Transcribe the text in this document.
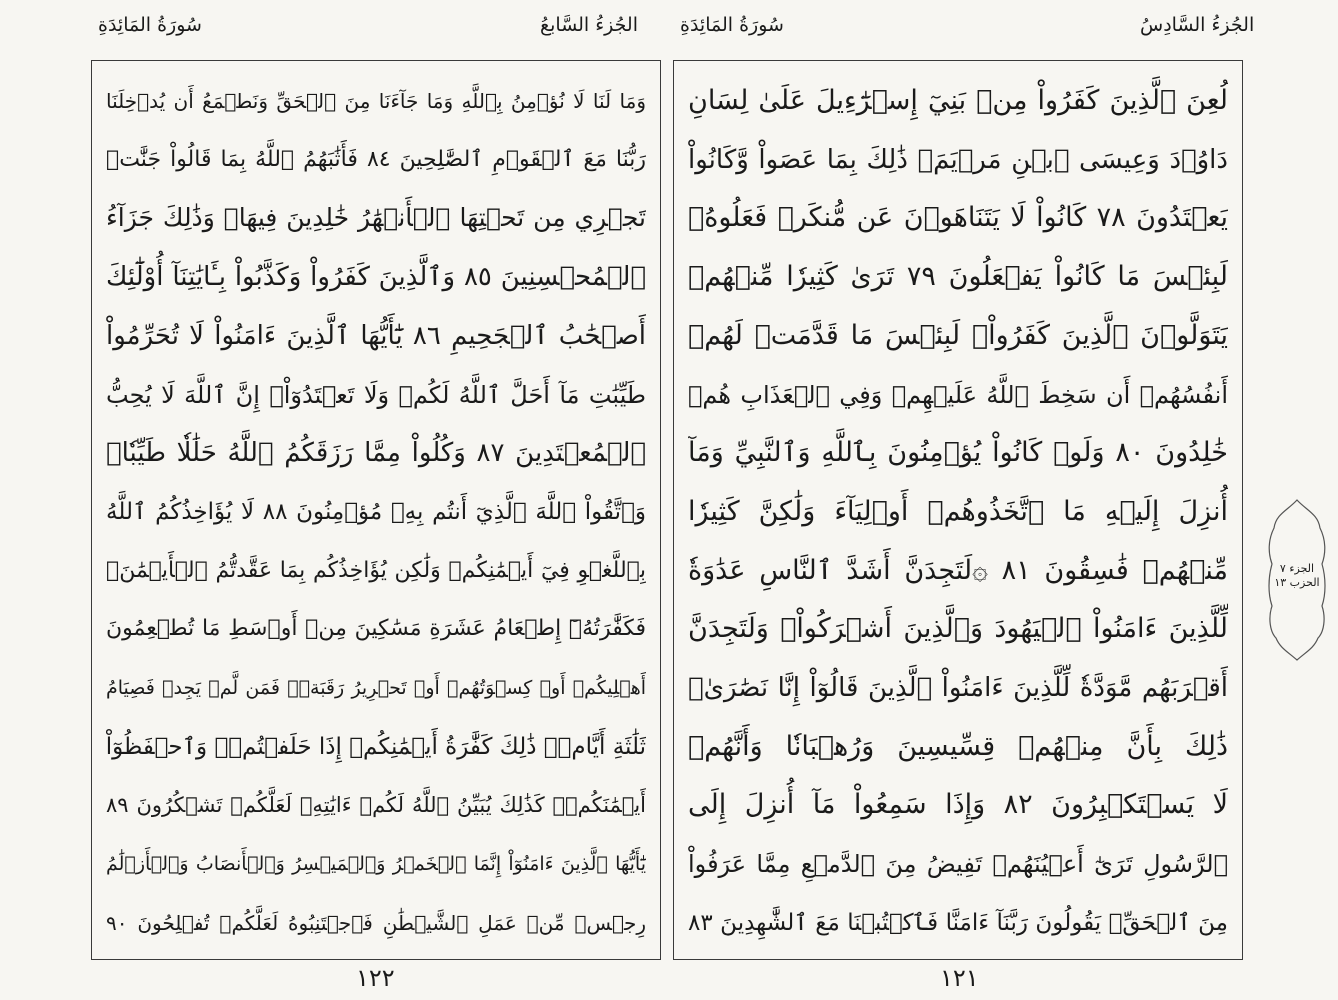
الجُزءُ السَّابعُ
سُورَةُ المَائِدَةِ
وَمَا لَنَا لَا نُؤۡمِنُ بِٱللَّهِ وَمَا جَآءَنَا مِنَ ٱلۡحَقِّ وَنَطۡمَعُ أَن يُدۡخِلَنَا
رَبُّنَا مَعَ ٱلۡقَوۡمِ ٱلصَّٰلِحِينَ ٨٤ فَأَثَٰبَهُمُ ٱللَّهُ بِمَا قَالُواْ جَنَّٰتٖ
تَجۡرِي مِن تَحۡتِهَا ٱلۡأَنۡهَٰرُ خَٰلِدِينَ فِيهَاۚ وَذَٰلِكَ جَزَآءُ
ٱلۡمُحۡسِنِينَ ٨٥ وَٱلَّذِينَ كَفَرُواْ وَكَذَّبُواْ بِـَٔايَٰتِنَآ أُوْلَٰٓئِكَ
أَصۡحَٰبُ ٱلۡجَحِيمِ ٨٦ يَٰٓأَيُّهَا ٱلَّذِينَ ءَامَنُواْ لَا تُحَرِّمُواْ
طَيِّبَٰتِ مَآ أَحَلَّ ٱللَّهُ لَكُمۡ وَلَا تَعۡتَدُوٓاْۚ إِنَّ ٱللَّهَ لَا يُحِبُّ
ٱلۡمُعۡتَدِينَ ٨٧ وَكُلُواْ مِمَّا رَزَقَكُمُ ٱللَّهُ حَلَٰلٗا طَيِّبٗاۚ
وَٱتَّقُواْ ٱللَّهَ ٱلَّذِيٓ أَنتُم بِهِۦ مُؤۡمِنُونَ ٨٨ لَا يُؤَاخِذُكُمُ ٱللَّهُ
بِٱللَّغۡوِ فِيٓ أَيۡمَٰنِكُمۡ وَلَٰكِن يُؤَاخِذُكُم بِمَا عَقَّدتُّمُ ٱلۡأَيۡمَٰنَۖ
فَكَفَّٰرَتُهُۥٓ إِطۡعَامُ عَشَرَةِ مَسَٰكِينَ مِنۡ أَوۡسَطِ مَا تُطۡعِمُونَ
أَهۡلِيكُمۡ أَوۡ كِسۡوَتُهُمۡ أَوۡ تَحۡرِيرُ رَقَبَةٖۖ فَمَن لَّمۡ يَجِدۡ فَصِيَامُ
ثَلَٰثَةِ أَيَّامٖۚ ذَٰلِكَ كَفَّٰرَةُ أَيۡمَٰنِكُمۡ إِذَا حَلَفۡتُمۡۚ وَٱحۡفَظُوٓاْ
أَيۡمَٰنَكُمۡۚ كَذَٰلِكَ يُبَيِّنُ ٱللَّهُ لَكُمۡ ءَايَٰتِهِۦ لَعَلَّكُمۡ تَشۡكُرُونَ ٨٩
يَٰٓأَيُّهَا ٱلَّذِينَ ءَامَنُوٓاْ إِنَّمَا ٱلۡخَمۡرُ وَٱلۡمَيۡسِرُ وَٱلۡأَنصَابُ وَٱلۡأَزۡلَٰمُ
رِجۡسٞ مِّنۡ عَمَلِ ٱلشَّيۡطَٰنِ فَٱجۡتَنِبُوهُ لَعَلَّكُمۡ تُفۡلِحُونَ ٩٠
١٢٢
الجُزءُ السَّادِسُ
سُورَةُ المَائِدَةِ
لُعِنَ ٱلَّذِينَ كَفَرُواْ مِنۢ بَنِيٓ إِسۡرَٰٓءِيلَ عَلَىٰ لِسَانِ
دَاوُۥدَ وَعِيسَى ٱبۡنِ مَرۡيَمَۚ ذَٰلِكَ بِمَا عَصَواْ وَّكَانُواْ
يَعۡتَدُونَ ٧٨ كَانُواْ لَا يَتَنَاهَوۡنَ عَن مُّنكَرٖ فَعَلُوهُۚ
لَبِئۡسَ مَا كَانُواْ يَفۡعَلُونَ ٧٩ تَرَىٰ كَثِيرٗا مِّنۡهُمۡ
يَتَوَلَّوۡنَ ٱلَّذِينَ كَفَرُواْۚ لَبِئۡسَ مَا قَدَّمَتۡ لَهُمۡ
أَنفُسُهُمۡ أَن سَخِطَ ٱللَّهُ عَلَيۡهِمۡ وَفِي ٱلۡعَذَابِ هُمۡ
خَٰلِدُونَ ٨٠ وَلَوۡ كَانُواْ يُؤۡمِنُونَ بِٱللَّهِ وَٱلنَّبِيِّ وَمَآ
أُنزِلَ إِلَيۡهِ مَا ٱتَّخَذُوهُمۡ أَوۡلِيَآءَ وَلَٰكِنَّ كَثِيرٗا
مِّنۡهُمۡ فَٰسِقُونَ ٨١ ۞لَتَجِدَنَّ أَشَدَّ ٱلنَّاسِ عَدَٰوَةٗ
لِّلَّذِينَ ءَامَنُواْ ٱلۡيَهُودَ وَٱلَّذِينَ أَشۡرَكُواْۖ وَلَتَجِدَنَّ
أَقۡرَبَهُم مَّوَدَّةٗ لِّلَّذِينَ ءَامَنُواْ ٱلَّذِينَ قَالُوٓاْ إِنَّا نَصَٰرَىٰۚ
ذَٰلِكَ بِأَنَّ مِنۡهُمۡ قِسِّيسِينَ وَرُهۡبَانٗا وَأَنَّهُمۡ
لَا يَسۡتَكۡبِرُونَ ٨٢ وَإِذَا سَمِعُواْ مَآ أُنزِلَ إِلَى
ٱلرَّسُولِ تَرَىٰٓ أَعۡيُنَهُمۡ تَفِيضُ مِنَ ٱلدَّمۡعِ مِمَّا عَرَفُواْ
مِنَ ٱلۡحَقِّۖ يَقُولُونَ رَبَّنَآ ءَامَنَّا فَٱكۡتُبۡنَا مَعَ ٱلشَّٰهِدِينَ ٨٣
١٢١
الجزء ٧
الحزب ١٣
